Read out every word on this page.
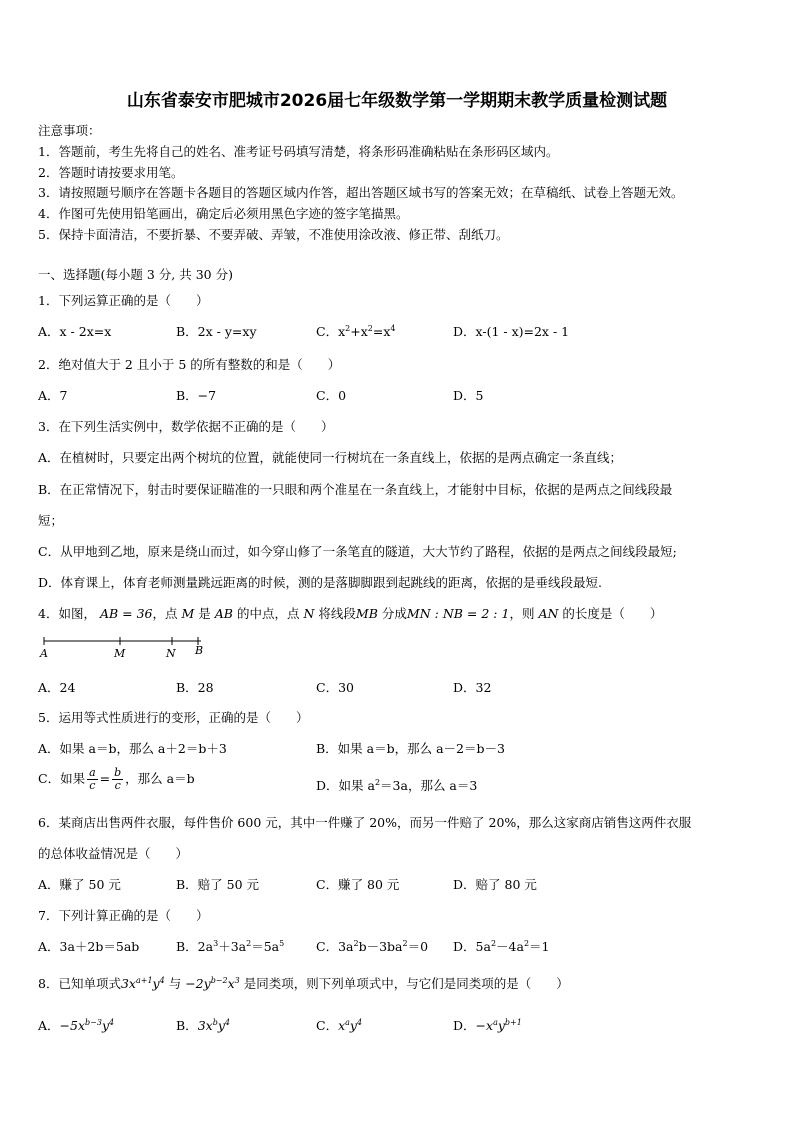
山东省泰安市肥城市2026届七年级数学第一学期期末教学质量检测试题
注意事项：
1．答题前，考生先将自己的姓名、准考证号码填写清楚，将条形码准确粘贴在条形码区域内。
2．答题时请按要求用笔。
3．请按照题号顺序在答题卡各题目的答题区域内作答，超出答题区域书写的答案无效；在草稿纸、试卷上答题无效。
4．作图可先使用铅笔画出，确定后必须用黑色字迹的签字笔描黑。
5．保持卡面清洁，不要折暴、不要弄破、弄皱，不准使用涂改液、修正带、刮纸刀。
一、选择题(每小题 3 分, 共 30 分)
1．下列运算正确的是（　　）
A．x - 2x=x	B．2x - y=xy	C．$x^2+x^2=x^4$	D．x-(1 - x)=2x - 1
2．绝对值大于 2 且小于 5 的所有整数的和是（　　）
A．7	B．−7	C．0	D．5
3．在下列生活实例中，数学依据不正确的是（　　）
A．在植树时，只要定出两个树坑的位置，就能使同一行树坑在一条直线上，依据的是两点确定一条直线；
B．在正常情况下，射击时要保证瞄准的一只眼和两个准星在一条直线上，才能射中目标，依据的是两点之间线段最
短；
C．从甲地到乙地，原来是绕山而过，如今穿山修了一条笔直的隧道，大大节约了路程，依据的是两点之间线段最短;
D．体育课上，体育老师测量跳远距离的时候，测的是落脚脚跟到起跳线的距离，依据的是垂线段最短.
4．如图， AB = 36，点 M 是 AB 的中点，点 N 将线段MB 分成MN : NB = 2 : 1，则 AN 的长度是（　　）
A	M	N B
A．24	B．28	C．30	D．32
5．运用等式性质进行的变形，正确的是（　　）
A．如果 a＝b，那么 a＋2＝b＋3	B．如果 a＝b，那么 a－2＝b－3
C．如果 $\frac{a}{c} = \frac{b}{c}$ ，那么 a＝b	D．如果 $a^2=3a$，那么 a＝3
6．某商店出售两件衣服，每件售价 600 元，其中一件赚了 20%，而另一件赔了 20%，那么这家商店销售这两件衣服
的总体收益情况是（　　）
A．赚了 50 元	B．赔了 50 元	C．赚了 80 元	D．赔了 80 元
7．下列计算正确的是（　　）
A．3a＋2b＝5ab	B．$2a^3+3a^2=5a^5$	C．$3a^2b-3ba^2=0$ D．$5a^2-4a^2=1$
8．已知单项式$3x^{a+1}y^4$ 与 $-2y^{b-2}x^3$ 是同类项，则下列单项式中，与它们是同类项的是（　　）
A．$-5x^{b-3}y^4$	B．$3x^by^4$	C．$x^ay^4$	D．$-x^ay^{b+1}$
